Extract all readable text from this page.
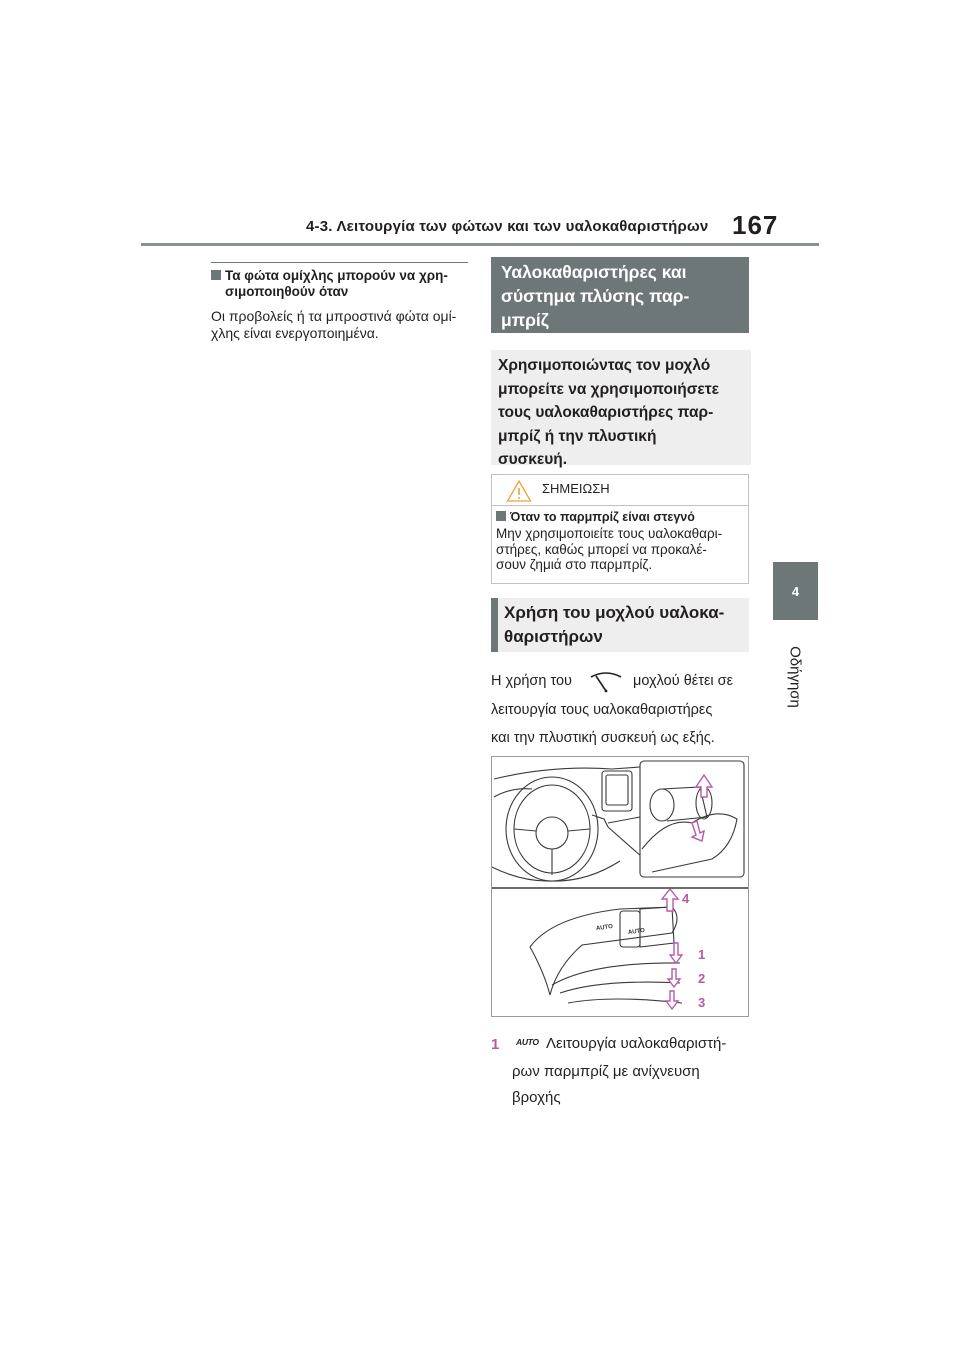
4-3. Λειτουργία των φώτων και των υαλοκαθαριστήρων 167
4
Οδήγηση
Τα φώτα ομίχλης μπορούν να χρη-
σιμοποιηθούν όταν
Οι προβολείς ή τα μπροστινά φώτα ομί-
χλης είναι ενεργοποιημένα.
Υαλοκαθαριστήρες και
σύστημα πλύσης παρ-
μπρίζ
Χρησιμοποιώντας τον μοχλό
μπορείτε να χρησιμοποιήσετε
τους υαλοκαθαριστήρες παρ-
μπρίζ ή την πλυστική
συσκευή.
ΣΗΜΕΙΩΣΗ
Όταν το παρμπρίζ είναι στεγνό
Μην χρησιμοποιείτε τους υαλοκαθαρι-
στήρες, καθώς μπορεί να προκαλέ-
σουν ζημιά στο παρμπρίζ.
Χρήση του μοχλού υαλοκα-
θαριστήρων
Η χρήση του	μοχλού θέτει σε
λειτουργία τους υαλοκαθαριστήρες
και την πλυστική συσκευή ως εξής.
AUTO AUTO
4
1
2
3
1 AUTO Λειτουργία υαλοκαθαριστή-
ρων παρμπρίζ με ανίχνευση
βροχής
